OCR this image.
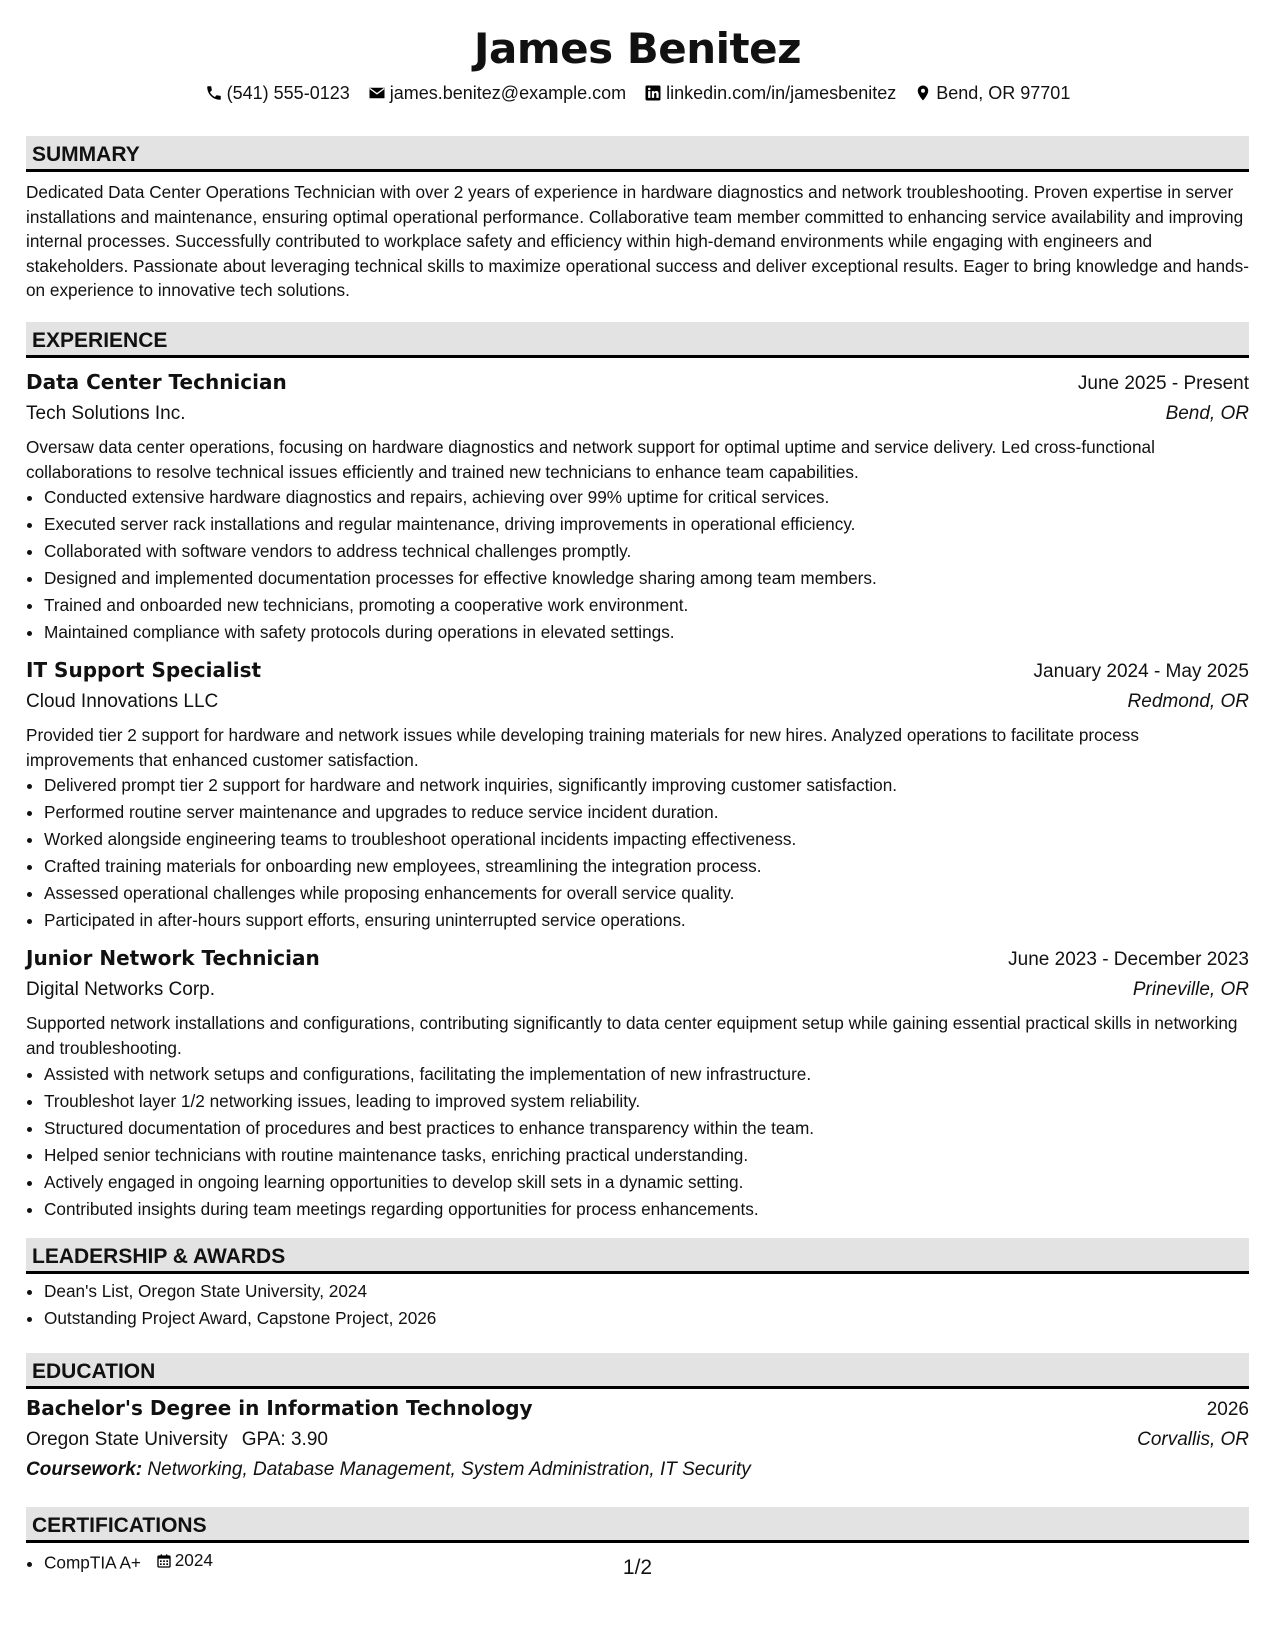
James Benitez
(541) 555-0123 james.benitez@example.com linkedin.com/in/jamesbenitez Bend, OR 97701
SUMMARY

Dedicated Data Center Operations Technician with over 2 years of experience in hardware diagnostics and network troubleshooting. Proven expertise in server installations and maintenance, ensuring optimal operational performance. Collaborative team member committed to enhancing service availability and improving internal processes. Successfully contributed to workplace safety and efficiency within high-demand environments while engaging with engineers and stakeholders. Passionate about leveraging technical skills to maximize operational success and deliver exceptional results. Eager to bring knowledge and hands-on experience to innovative tech solutions.

EXPERIENCE
Data Center Technician	June 2025 - Present
Tech Solutions Inc.	Bend, OR

Oversaw data center operations, focusing on hardware diagnostics and network support for optimal uptime and service delivery. Led cross-functional collaborations to resolve technical issues efficiently and trained new technicians to enhance team capabilities.

• Conducted extensive hardware diagnostics and repairs, achieving over 99% uptime for critical services.
• Executed server rack installations and regular maintenance, driving improvements in operational efficiency.
• Collaborated with software vendors to address technical challenges promptly.
• Designed and implemented documentation processes for effective knowledge sharing among team members.
• Trained and onboarded new technicians, promoting a cooperative work environment.
• Maintained compliance with safety protocols during operations in elevated settings.
IT Support Specialist	January 2024 - May 2025
Cloud Innovations LLC	Redmond, OR

Provided tier 2 support for hardware and network issues while developing training materials for new hires. Analyzed operations to facilitate process improvements that enhanced customer satisfaction.

• Delivered prompt tier 2 support for hardware and network inquiries, significantly improving customer satisfaction.
• Performed routine server maintenance and upgrades to reduce service incident duration.
• Worked alongside engineering teams to troubleshoot operational incidents impacting effectiveness.
• Crafted training materials for onboarding new employees, streamlining the integration process.
• Assessed operational challenges while proposing enhancements for overall service quality.
• Participated in after-hours support efforts, ensuring uninterrupted service operations.
Junior Network Technician	June 2023 - December 2023
Digital Networks Corp.	Prineville, OR

Supported network installations and configurations, contributing significantly to data center equipment setup while gaining essential practical skills in networking and troubleshooting.

• Assisted with network setups and configurations, facilitating the implementation of new infrastructure.
• Troubleshot layer 1/2 networking issues, leading to improved system reliability.
• Structured documentation of procedures and best practices to enhance transparency within the team.
• Helped senior technicians with routine maintenance tasks, enriching practical understanding.
• Actively engaged in ongoing learning opportunities to develop skill sets in a dynamic setting.
• Contributed insights during team meetings regarding opportunities for process enhancements.
LEADERSHIP & AWARDS
• Dean's List, Oregon State University, 2024
• Outstanding Project Award, Capstone Project, 2026
EDUCATION
Bachelor's Degree in Information Technology	2026
Oregon State University GPA: 3.90	Corvallis, OR
Coursework: Networking, Database Management, System Administration, IT Security
CERTIFICATIONS
• CompTIA A+ 2024	1/2
